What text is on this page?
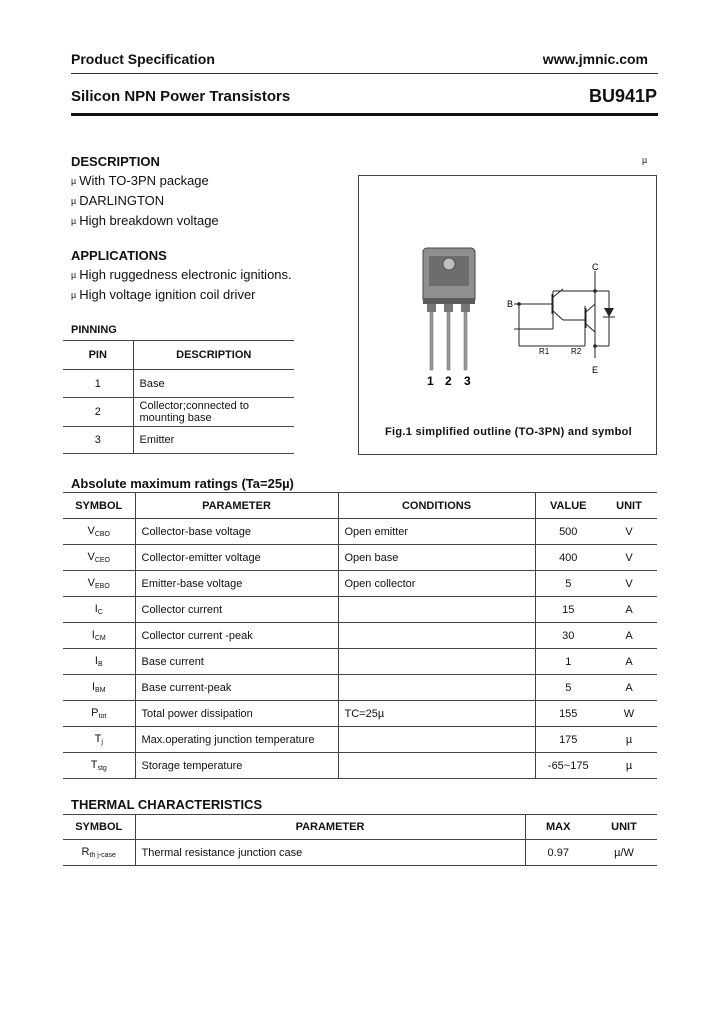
Product Specification	www.jmnic.com
Silicon NPN Power Transistors	BU941P
DESCRIPTION
µ With TO-3PN package
µ DARLINGTON
µ High breakdown voltage
µ
APPLICATIONS
µ High ruggedness electronic ignitions.
µ High voltage ignition coil driver
PINNING
PIN	DESCRIPTION
1	Base
2	Collector;connected to mounting base
3	Emitter
1 2 3
C
B
E
R1	R2
Fig.1 simplified outline (TO-3PN) and symbol
Absolute maximum ratings (Ta=25µ)
SYMBOL	PARAMETER	CONDITIONS	VALUE	UNIT
$V_{CBO}$	Collector-base voltage	Open emitter	500	V
$V_{CEO}$	Collector-emitter voltage	Open base	400	V
$V_{EBO}$	Emitter-base voltage	Open collector	5	V
$I_C$	Collector current		15	A
$I_{CM}$	Collector current -peak		30	A
$I_B$	Base current		1	A
$I_{BM}$	Base current-peak		5	A
$P_{tot}$	Total power dissipation	TC=25µ	155	W
$T_j$	Max.operating junction temperature		175	µ
$T_{stg}$	Storage temperature		-65~175	µ
THERMAL CHARACTERISTICS
SYMBOL	PARAMETER	MAX	UNIT
$R_{th j-case}$	Thermal resistance junction case	0.97	µ/W
